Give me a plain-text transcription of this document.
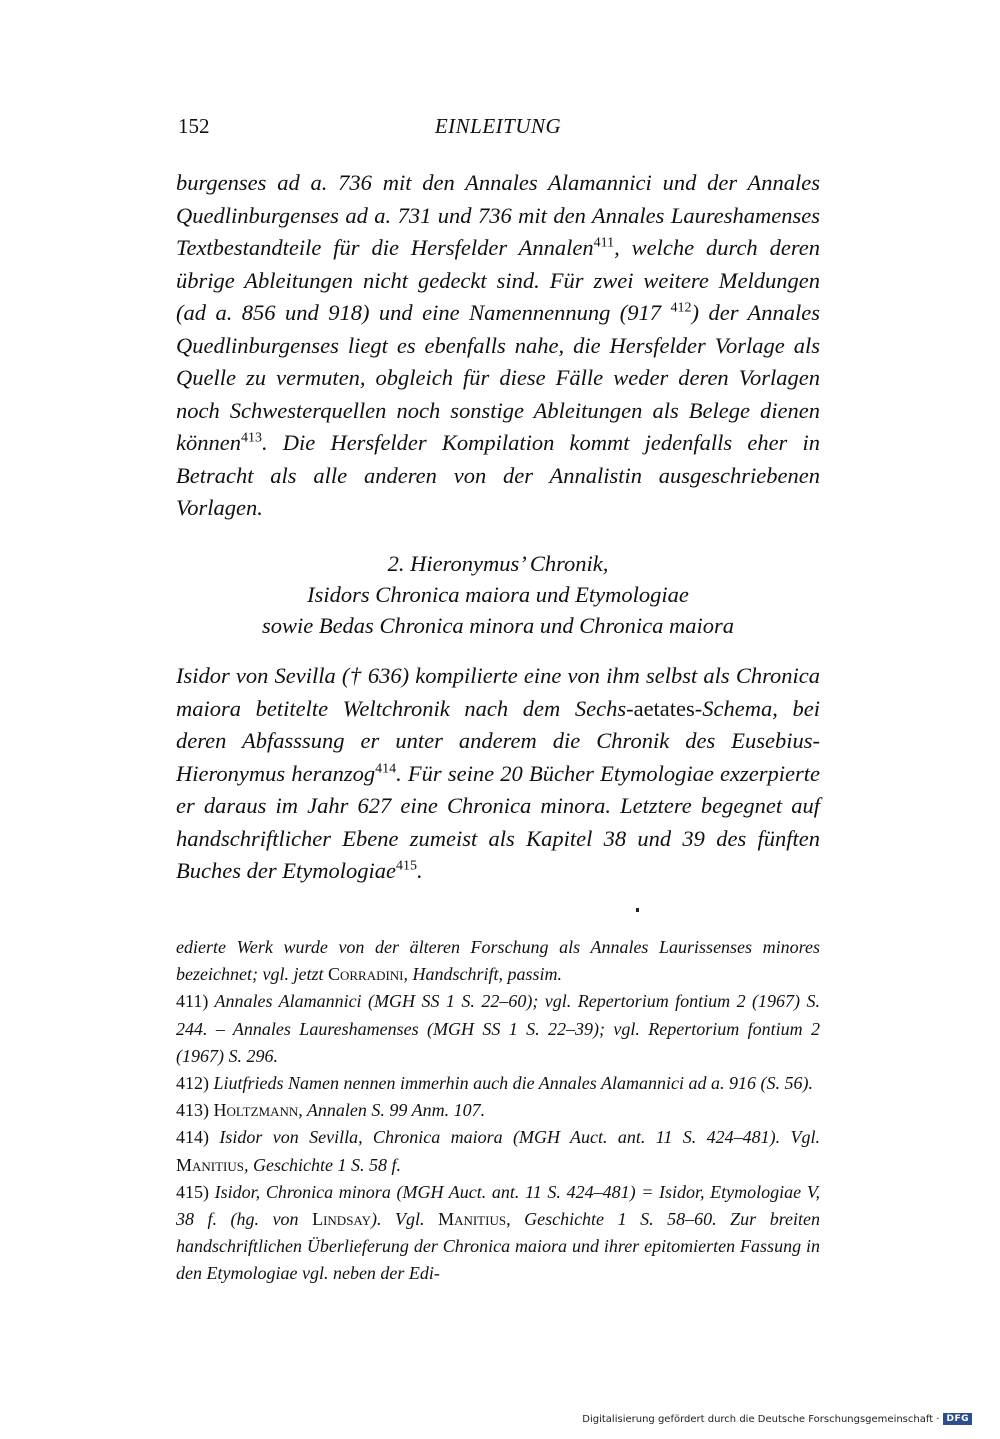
152	EINLEITUNG

burgenses ad a. 736 mit den Annales Alamannici und der Annales Quedlinburgenses ad a. 731 und 736 mit den Annales Laureshamenses Textbestandteile für die Hersfelder Annalen$^{411}$, welche durch deren übrige Ableitungen nicht gedeckt sind. Für zwei weitere Meldungen (ad a. 856 und 918) und eine Namennennung (917 $^{412}$) der Annales Quedlinburgenses liegt es ebenfalls nahe, die Hersfelder Vorlage als Quelle zu vermuten, obgleich für diese Fälle weder deren Vorlagen noch Schwesterquellen noch sonstige Ableitungen als Belege dienen können$^{413}$. Die Hersfelder Kompilation kommt jedenfalls eher in Betracht als alle anderen von der Annalistin ausgeschriebenen Vorlagen.

2. Hieronymus’ Chronik,
Isidors Chronica maiora und Etymologiae
sowie Bedas Chronica minora und Chronica maiora

Isidor von Sevilla († 636) kompilierte eine von ihm selbst als Chronica maiora betitelte Weltchronik nach dem Sechs-aetates-Schema, bei deren Abfasssung er unter anderem die Chronik des Eusebius-Hieronymus heranzog$^{414}$. Für seine 20 Bücher Etymologiae exzerpierte er daraus im Jahr 627 eine Chronica minora. Letztere begegnet auf handschriftlicher Ebene zumeist als Kapitel 38 und 39 des fünften Buches der Etymologiae$^{415}$.

edierte Werk wurde von der älteren Forschung als Annales Laurissenses minores bezeichnet; vgl. jetzt Corradini, Handschrift, passim.

411) Annales Alamannici (MGH SS 1 S. 22–60); vgl. Repertorium fontium 2 (1967) S. 244. – Annales Laureshamenses (MGH SS 1 S. 22–39); vgl. Repertorium fontium 2 (1967) S. 296.

412) Liutfrieds Namen nennen immerhin auch die Annales Alamannici ad a. 916 (S. 56).

413) Holtzmann, Annalen S. 99 Anm. 107.

414) Isidor von Sevilla, Chronica maiora (MGH Auct. ant. 11 S. 424–481). Vgl. Manitius, Geschichte 1 S. 58 f.

415) Isidor, Chronica minora (MGH Auct. ant. 11 S. 424–481) = Isidor, Etymologiae V, 38 f. (hg. von Lindsay). Vgl. Manitius, Geschichte 1 S. 58–60. Zur breiten handschriftlichen Überlieferung der Chronica maiora und ihrer epitomierten Fassung in den Etymologiae vgl. neben der Edi-

Digitalisierung gefördert durch die Deutsche Forschungsgemeinschaft · DFG
